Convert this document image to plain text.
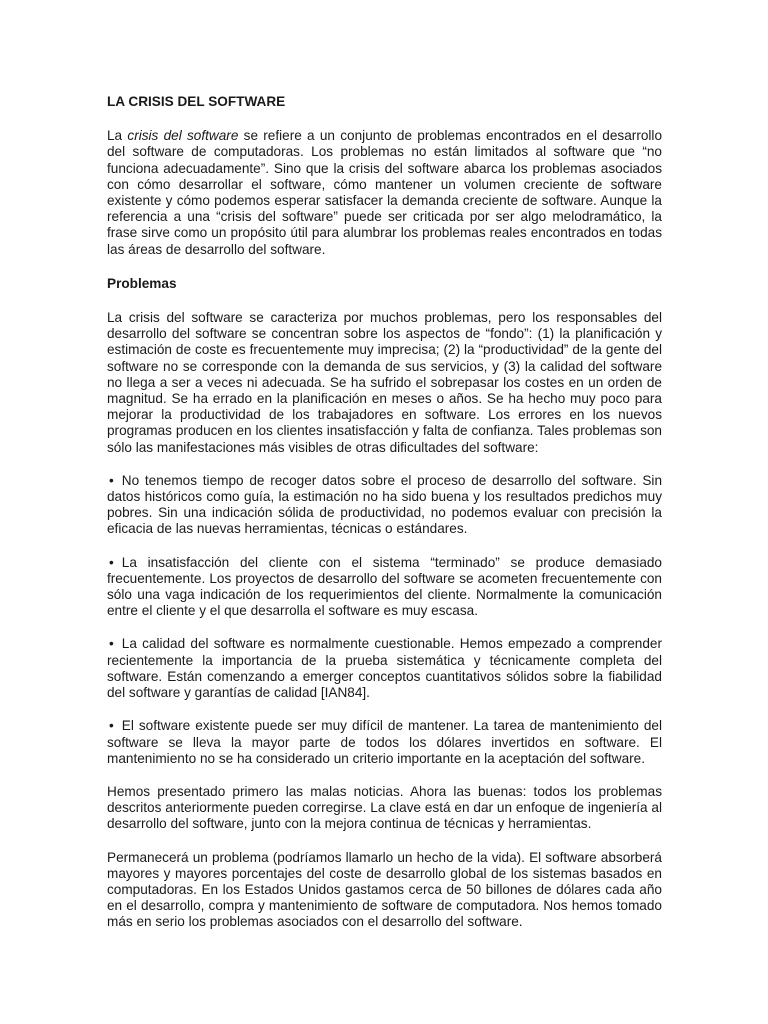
LA CRISIS DEL SOFTWARE

La crisis del software se refiere a un conjunto de problemas encontrados en el desarrollo del software de computadoras. Los problemas no están limitados al software que “no funciona adecuadamente”. Sino que la crisis del software abarca los problemas asociados con cómo desarrollar el software, cómo mantener un volumen creciente de software existente y cómo podemos esperar satisfacer la demanda creciente de software. Aunque la referencia a una “crisis del software” puede ser criticada por ser algo melodramático, la frase sirve como un propósito útil para alumbrar los problemas reales encontrados en todas las áreas de desarrollo del software.

Problemas

La crisis del software se caracteriza por muchos problemas, pero los responsables del desarrollo del software se concentran sobre los aspectos de “fondo”: (1) la planificación y estimación de coste es frecuentemente muy imprecisa; (2) la “productividad” de la gente del software no se corresponde con la demanda de sus servicios, y (3) la calidad del software no llega a ser a veces ni adecuada. Se ha sufrido el sobrepasar los costes en un orden de magnitud. Se ha errado en la planificación en meses o años. Se ha hecho muy poco para mejorar la productividad de los trabajadores en software. Los errores en los nuevos programas producen en los clientes insatisfacción y falta de confianza. Tales problemas son sólo las manifestaciones más visibles de otras dificultades del software:

• No tenemos tiempo de recoger datos sobre el proceso de desarrollo del software. Sin datos históricos como guía, la estimación no ha sido buena y los resultados predichos muy pobres. Sin una indicación sólida de productividad, no podemos evaluar con precisión la eficacia de las nuevas herramientas, técnicas o estándares.

• La insatisfacción del cliente con el sistema “terminado” se produce demasiado frecuentemente. Los proyectos de desarrollo del software se acometen frecuentemente con sólo una vaga indicación de los requerimientos del cliente. Normalmente la comunicación entre el cliente y el que desarrolla el software es muy escasa.

• La calidad del software es normalmente cuestionable. Hemos empezado a comprender recientemente la importancia de la prueba sistemática y técnicamente completa del software. Están comenzando a emerger conceptos cuantitativos sólidos sobre la fiabilidad del software y garantías de calidad [IAN84].

• El software existente puede ser muy difícil de mantener. La tarea de mantenimiento del software se lleva la mayor parte de todos los dólares invertidos en software. El mantenimiento no se ha considerado un criterio importante en la aceptación del software.

Hemos presentado primero las malas noticias. Ahora las buenas: todos los problemas descritos anteriormente pueden corregirse. La clave está en dar un enfoque de ingeniería al desarrollo del software, junto con la mejora continua de técnicas y herramientas.

Permanecerá un problema (podríamos llamarlo un hecho de la vida). El software absorberá mayores y mayores porcentajes del coste de desarrollo global de los sistemas basados en computadoras. En los Estados Unidos gastamos cerca de 50 billones de dólares cada año en el desarrollo, compra y mantenimiento de software de computadora. Nos hemos tomado más en serio los problemas asociados con el desarrollo del software.
